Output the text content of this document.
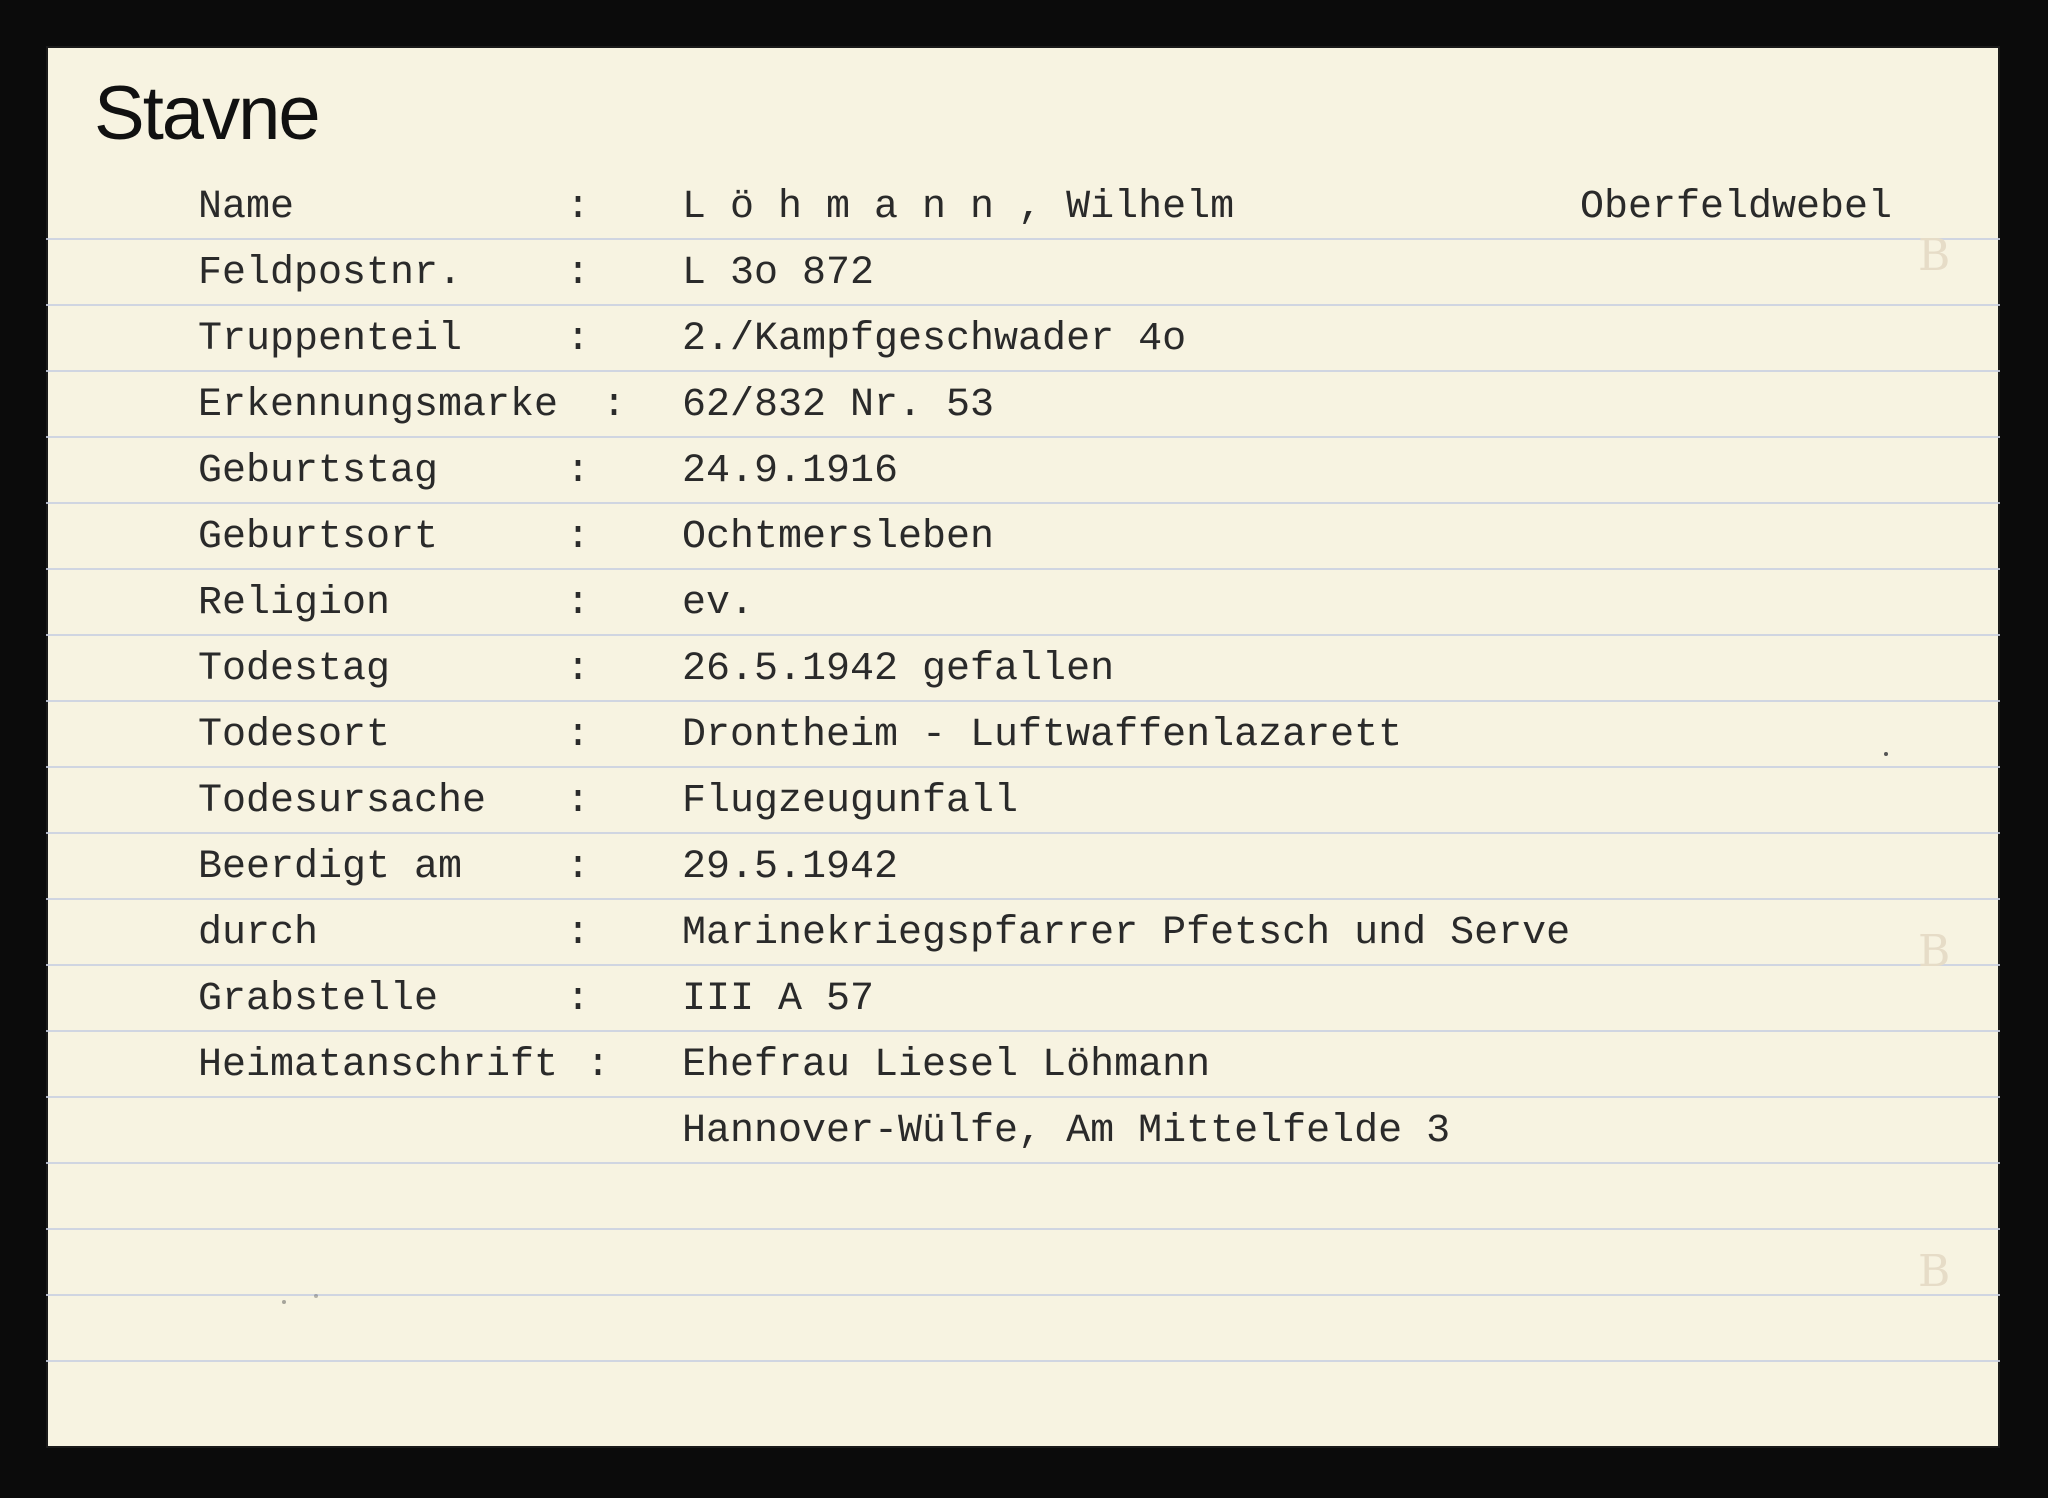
Stavne
B
B
B
Name	: L ö h m a n n , Wilhelm	Oberfeldwebel
Feldpostnr.	: L 3o 872
Truppenteil	: 2./Kampfgeschwader 4o
Erkennungsmarke : 62/832 Nr. 53
Geburtstag	: 24.9.1916
Geburtsort	: Ochtmersleben
Religion	: ev.
Todestag	: 26.5.1942 gefallen
Todesort	: Drontheim - Luftwaffenlazarett
Todesursache : Flugzeugunfall
Beerdigt am	: 29.5.1942
durch	: Marinekriegspfarrer Pfetsch und Serve
Grabstelle	: III A 57
Heimatanschrift : Ehefrau Liesel Löhmann
Hannover-Wülfe, Am Mittelfelde 3
